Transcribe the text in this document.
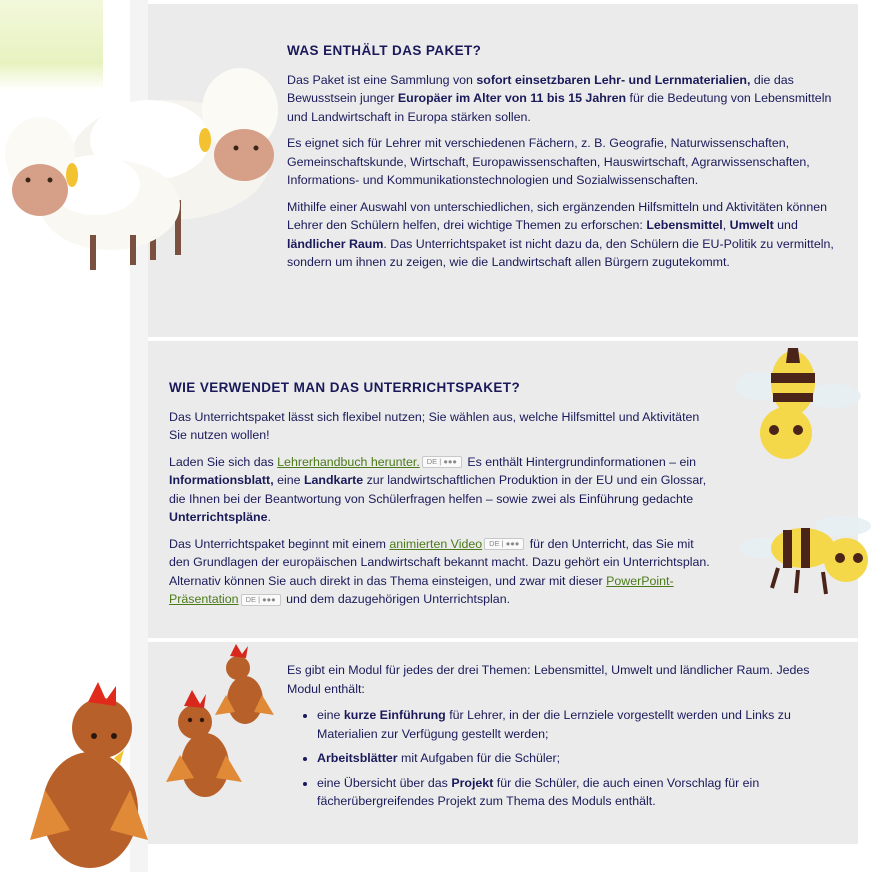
WAS ENTHÄLT DAS PAKET?

Das Paket ist eine Sammlung von sofort einsetzbaren Lehr- und Lernmaterialien, die das Bewusstsein junger Europäer im Alter von 11 bis 15 Jahren für die Bedeutung von Lebensmitteln und Landwirtschaft in Europa stärken sollen.

Es eignet sich für Lehrer mit verschiedenen Fächern, z. B. Geografie, Naturwissenschaften, Gemeinschaftskunde, Wirtschaft, Europawissenschaften, Hauswirtschaft, Agrarwissenschaften, Informations- und Kommunikationstechnologien und Sozialwissenschaften.

Mithilfe einer Auswahl von unterschiedlichen, sich ergänzenden Hilfsmitteln und Aktivitäten können Lehrer den Schülern helfen, drei wichtige Themen zu erforschen: Lebensmittel, Umwelt und ländlicher Raum. Das Unterrichtspaket ist nicht dazu da, den Schülern die EU-Politik zu vermitteln, sondern um ihnen zu zeigen, wie die Landwirtschaft allen Bürgern zugutekommt.

WIE VERWENDET MAN DAS UNTERRICHTSPAKET?

Das Unterrichtspaket lässt sich flexibel nutzen; Sie wählen aus, welche Hilfsmittel und Aktivitäten Sie nutzen wollen!

Laden Sie sich das Lehrerhandbuch herunter. DE | ●●● Es enthält Hintergrundinformationen – ein Informationsblatt, eine Landkarte zur landwirtschaftlichen Produktion in der EU und ein Glossar, die Ihnen bei der Beantwortung von Schülerfragen helfen – sowie zwei als Einführung gedachte Unterrichtspläne.

Das Unterrichtspaket beginnt mit einem animierten Video DE | ●●● für den Unterricht, das Sie mit den Grundlagen der europäischen Landwirtschaft bekannt macht. Dazu gehört ein Unterrichtsplan. Alternativ können Sie auch direkt in das Thema einsteigen, und zwar mit dieser PowerPoint-Präsentation DE | ●●● und dem dazugehörigen Unterrichtsplan.

Es gibt ein Modul für jedes der drei Themen: Lebensmittel, Umwelt und ländlicher Raum. Jedes Modul enthält:

• eine kurze Einführung für Lehrer, in der die Lernziele vorgestellt werden und Links zu Materialien zur Verfügung gestellt werden;
• Arbeitsblätter mit Aufgaben für die Schüler;
• eine Übersicht über das Projekt für die Schüler, die auch einen Vorschlag für ein fächerübergreifendes Projekt zum Thema des Moduls enthält.
